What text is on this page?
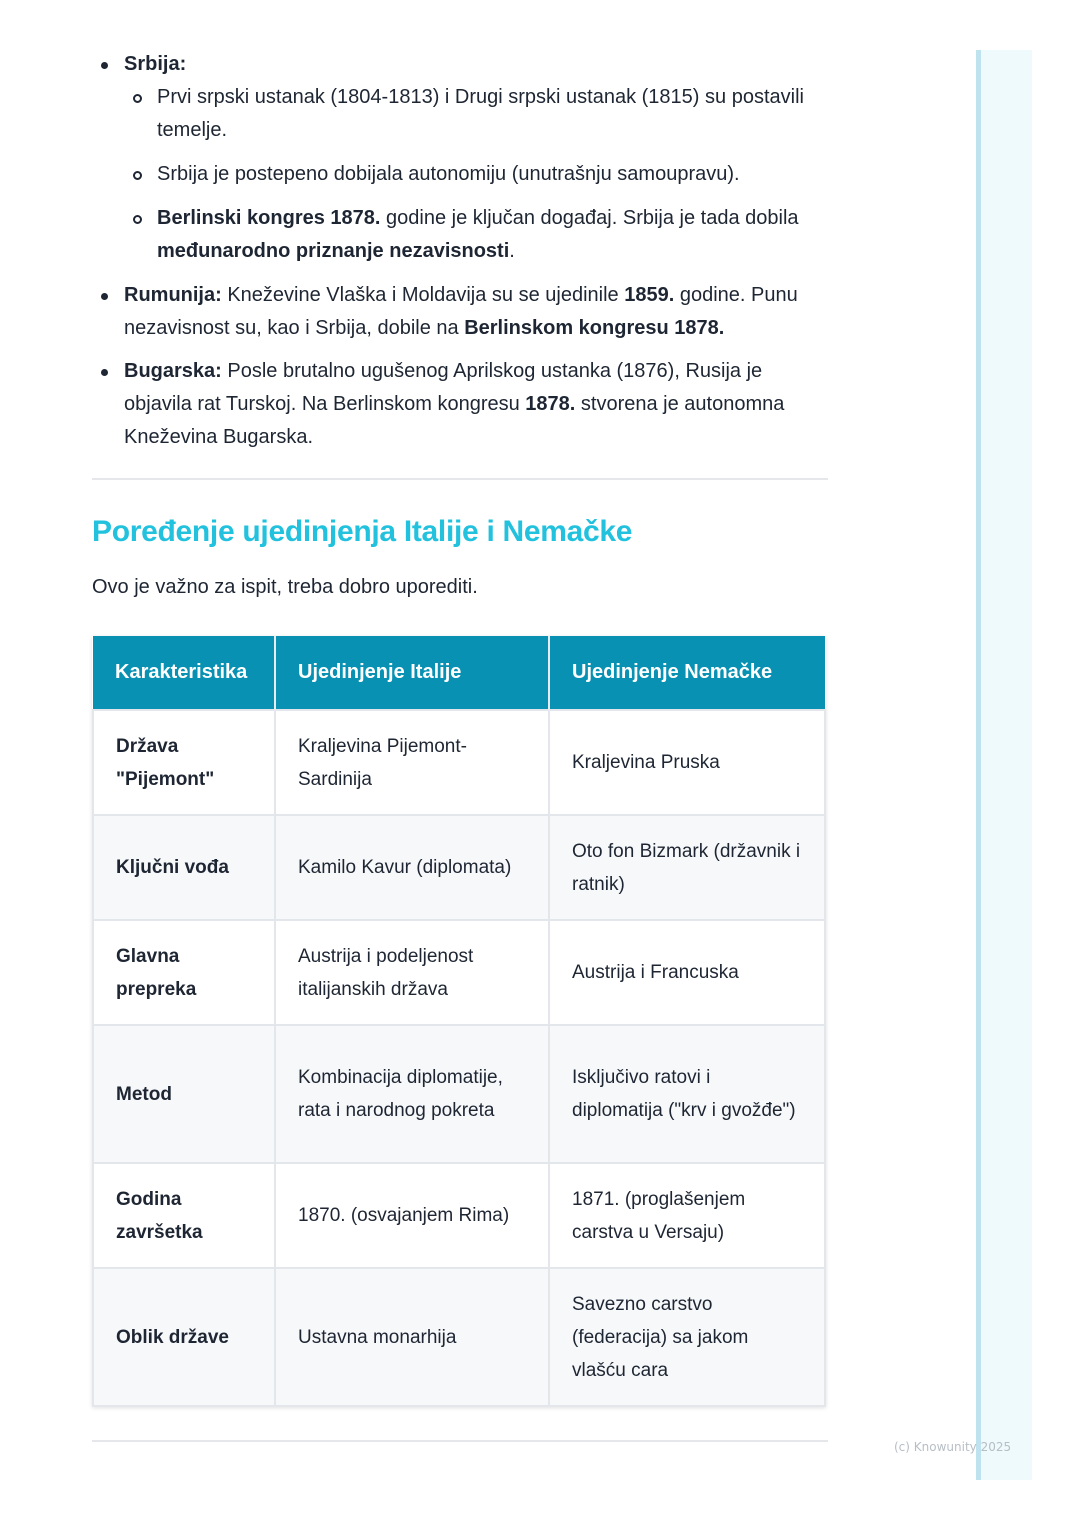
Srbija:
Prvi srpski ustanak (1804-1813) i Drugi srpski ustanak (1815) su postavili temelje.
Srbija je postepeno dobijala autonomiju (unutrašnju samoupravu).
Berlinski kongres 1878. godine je ključan događaj. Srbija je tada dobila međunarodno priznanje nezavisnosti.
Rumunija: Kneževine Vlaška i Moldavija su se ujedinile 1859. godine. Punu nezavisnost su, kao i Srbija, dobile na Berlinskom kongresu 1878.
Bugarska: Posle brutalno ugušenog Aprilskog ustanka (1876), Rusija je objavila rat Turskoj. Na Berlinskom kongresu 1878. stvorena je autonomna Kneževina Bugarska.
Poređenje ujedinjenja Italije i Nemačke
Ovo je važno za ispit, treba dobro uporediti.
Karakteristika	Ujedinjenje Italije	Ujedinjenje Nemačke
Država "Pijemont"	Kraljevina Pijemont-Sardinija	Kraljevina Pruska
Ključni vođa	Kamilo Kavur (diplomata)	Oto fon Bizmark (državnik i ratnik)
Glavna prepreka	Austrija i podeljenost italijanskih država	Austrija i Francuska
Metod	Kombinacija diplomatije, rata i narodnog pokreta	Isključivo ratovi i diplomatija ("krv i gvožđe")
Godina završetka	1870. (osvajanjem Rima)	1871. (proglašenjem carstva u Versaju)
Oblik države	Ustavna monarhija	Savezno carstvo (federacija) sa jakom vlašću cara
(c) Knowunity 2025
